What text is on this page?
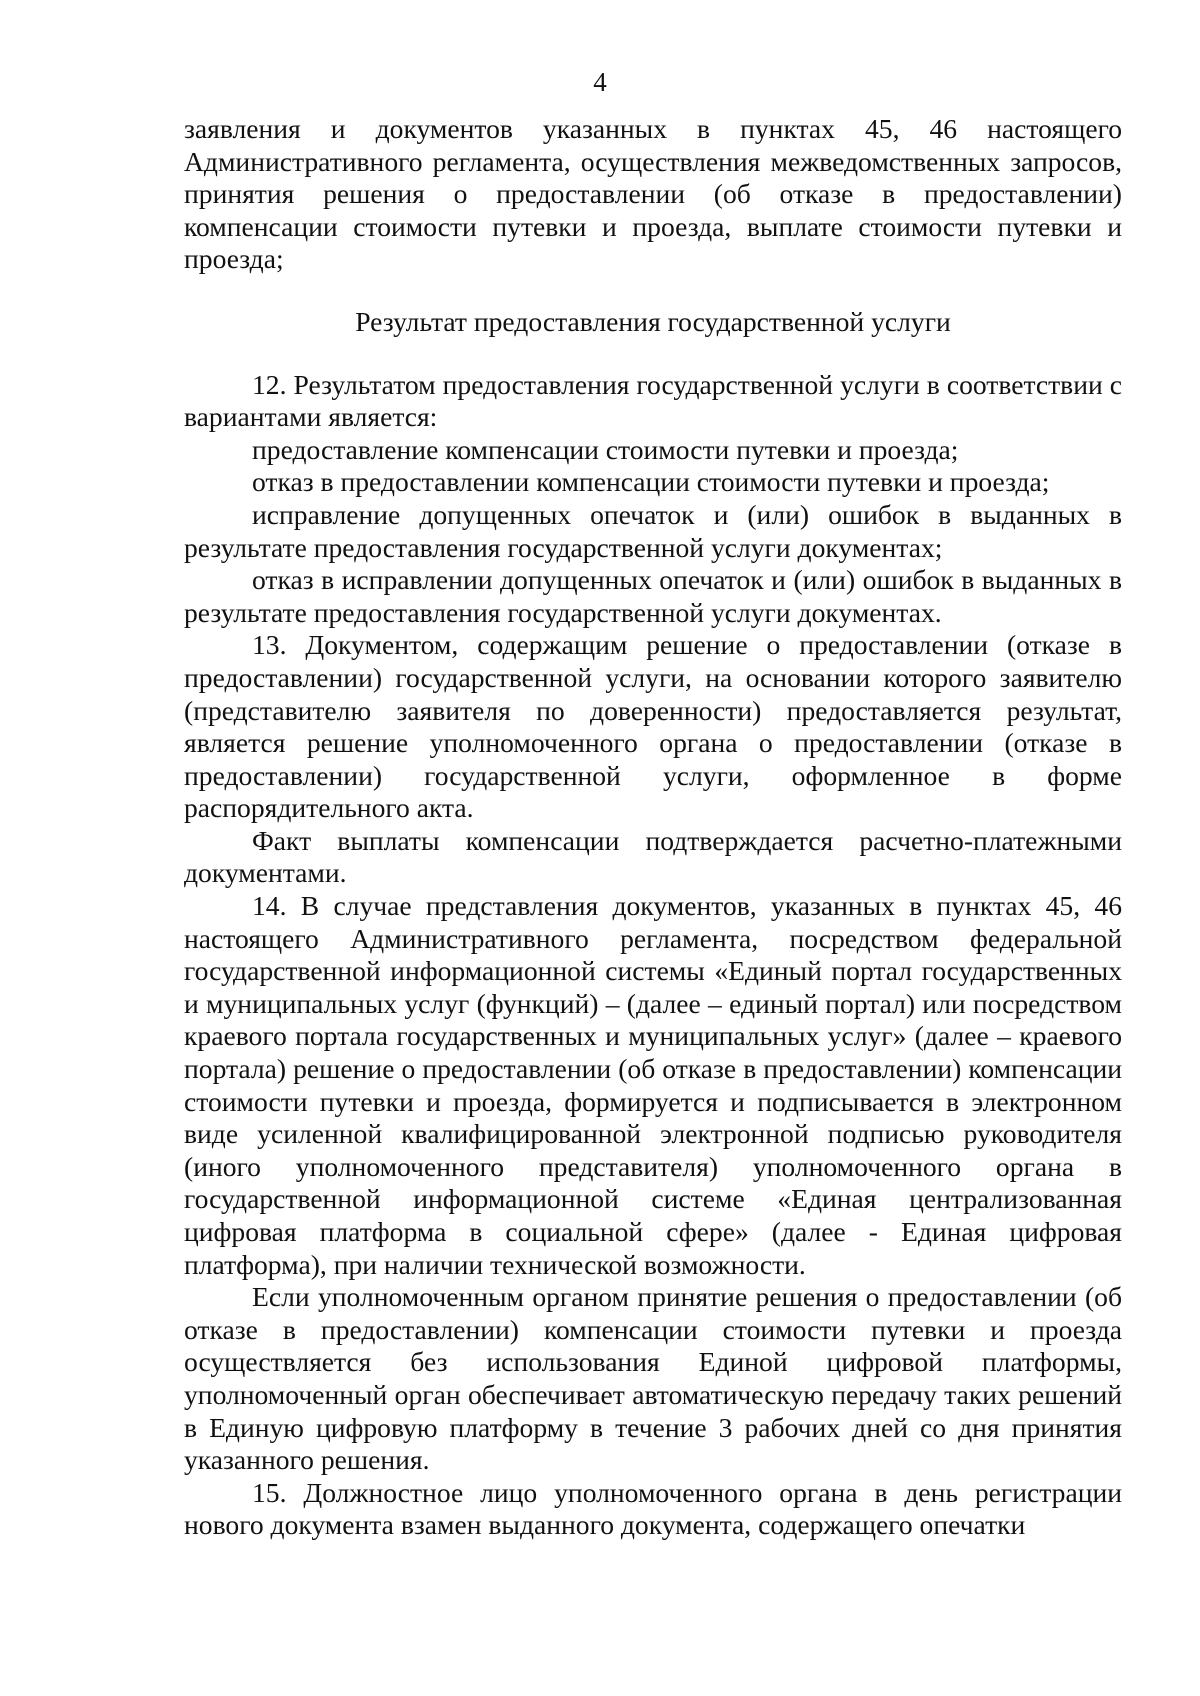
4

заявления и документов указанных в пунктах 45, 46 настоящего Административного регламента, осуществления межведомственных запросов, принятия решения о предоставлении (об отказе в предоставлении) компенсации стоимости путевки и проезда, выплате стоимости путевки и проезда;

Результат предоставления государственной услуги

12. Результатом предоставления государственной услуги в соответствии с вариантами является:

предоставление компенсации стоимости путевки и проезда;

отказ в предоставлении компенсации стоимости путевки и проезда;

исправление допущенных опечаток и (или) ошибок в выданных в результате предоставления государственной услуги документах;

отказ в исправлении допущенных опечаток и (или) ошибок в выданных в результате предоставления государственной услуги документах.

13. Документом, содержащим решение о предоставлении (отказе в предоставлении) государственной услуги, на основании которого заявителю (представителю заявителя по доверенности) предоставляется результат, является решение уполномоченного органа о предоставлении (отказе в предоставлении) государственной услуги, оформленное в форме распорядительного акта.

Факт выплаты компенсации подтверждается расчетно-платежными документами.

14. В случае представления документов, указанных в пунктах 45, 46 настоящего Административного регламента, посредством федеральной государственной информационной системы «Единый портал государственных и муниципальных услуг (функций) – (далее – единый портал) или посредством краевого портала государственных и муниципальных услуг» (далее – краевого портала) решение о предоставлении (об отказе в предоставлении) компенсации стоимости путевки и проезда, формируется и подписывается в электронном виде усиленной квалифицированной электронной подписью руководителя (иного уполномоченного представителя) уполномоченного органа в государственной информационной системе «Единая централизованная цифровая платформа в социальной сфере» (далее - Единая цифровая платформа), при наличии технической возможности.

Если уполномоченным органом принятие решения о предоставлении (об отказе в предоставлении) компенсации стоимости путевки и проезда осуществляется без использования Единой цифровой платформы, уполномоченный орган обеспечивает автоматическую передачу таких решений в Единую цифровую платформу в течение 3 рабочих дней со дня принятия указанного решения.

15. Должностное лицо уполномоченного органа в день регистрации нового документа взамен выданного документа, содержащего опечатки
